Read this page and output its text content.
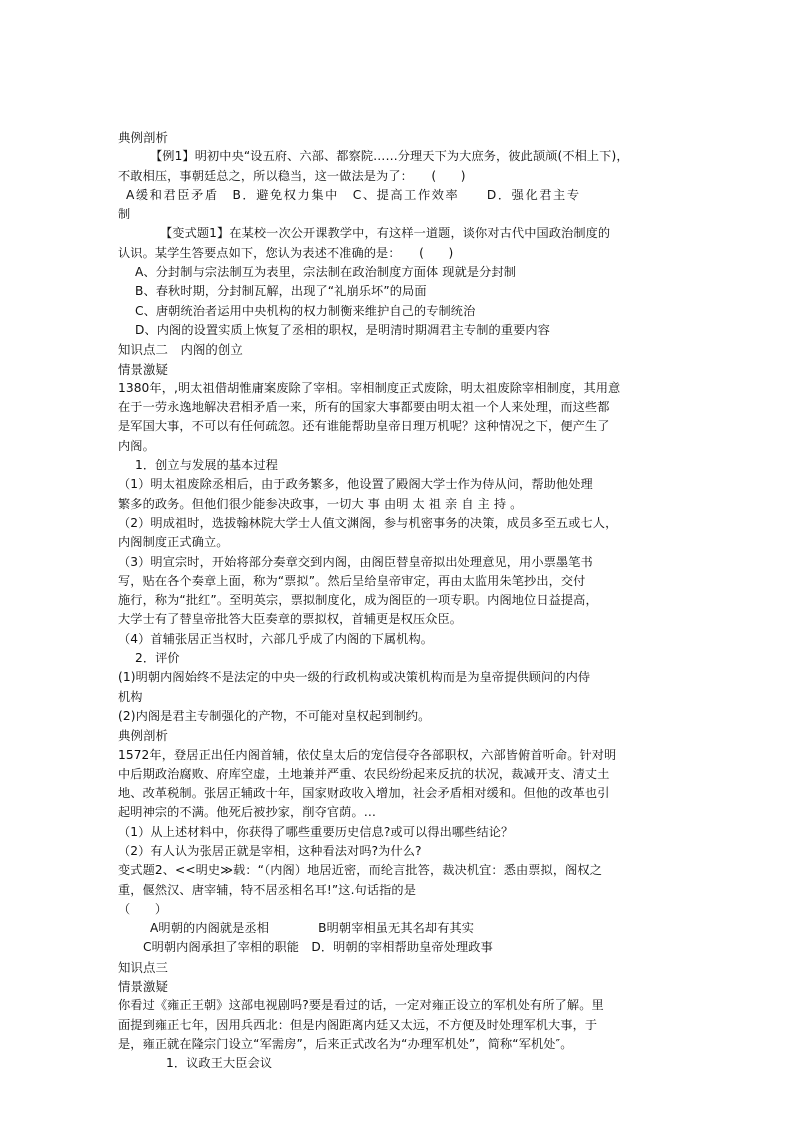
典例剖析
【例1】明初中央“设五府、六部、都察院……分理天下为大庶务，彼此颉颃(不相上下)，
不敢相压，事朝廷总之，所以稳当，这一做法是为了：　　(　　)
A缓和君臣矛盾　B．避免权力集中　C、提高工作效率　　D．强化君主专
制
【变式题1】在某校一次公开课教学中，有这样一道题，谈你对古代中国政治制度的
认识。某学生答要点如下，您认为表述不准确的是：　　(　　)
A、分封制与宗法制互为表里，宗法制在政治制度方面体 现就是分封制
B、春秋时期，分封制瓦解，出现了“礼崩乐坏”的局面
C、唐朝统治者运用中央机构的权力制衡来维护自己的专制统治
D、内阁的设置实质上恢复了丞相的职权，是明清时期凋君主专制的重要内容
知识点二　内阁的创立
情景激疑
1380年，,明太祖借胡惟庸案废除了宰相。宰相制度正式废除，明太祖废除宰相制度，其用意
在于一劳永逸地解决君相矛盾一来，所有的国家大事都要由明太祖一个人来处理，而这些都
是军国大事，不可以有任何疏忽。还有谁能帮助皇帝日理万机呢？这种情况之下，便产生了
内阁。
1．创立与发展的基本过程
（1）明太祖废除丞相后，由于政务繁多，他设置了殿阁大学士作为侍从问，帮助他处理
繁多的政务。但他们很少能参决政事，一切大 事 由明 太 祖 亲 自 主 持 。
（2）明成祖时，选拔翰林院大学士人值文渊阁，参与机密事务的决策，成员多至五或七人，
内阁制度正式确立。
（3）明宣宗时，开始将部分奏章交到内阁，由阁臣替皇帝拟出处理意见，用小票墨笔书
写，贴在各个奏章上面，称为“票拟”。然后呈给皇帝审定，再由太监用朱笔抄出，交付
施行，称为“批红”。至明英宗，票拟制度化，成为阁臣的一项专职。内阁地位日益提高，
大学士有了替皇帝批答大臣奏章的票拟权，首辅更是权压众臣。
（4）首辅张居正当权时，六部几乎成了内阁的下属机构。
2．评价
(1)明朝内阁始终不是法定的中央一级的行政机构或决策机构而是为皇帝提供顾问的内侍
机构
(2)内阁是君主专制强化的产物，不可能对皇权起到制约。
典例剖析
1572年，登居正出任内阁首辅，依仗皇太后的宠信侵夺各部职权，六部皆俯首听命。针对明
中后期政治腐败、府库空虚，土地兼并严重、农民纷纷起来反抗的状况，裁减开支、清丈土
地、改革税制。张居正辅政十年，国家财政收入增加，社会矛盾相对缓和。但他的改革也引
起明神宗的不满。他死后被抄家，削夺官荫。…
（1）从上述材料中，你获得了哪些重要历史信息?或可以得出哪些结论？
（2）有人认为张居正就是宰相，这种看法对吗?为什么?
变式题2、<<明史≫载：“（内阁）地居近密，而纶言批答，裁决机宜：悉由票拟，阁权之
重，偃然汉、唐宰辅，特不居丞相名耳!”这.句话指的是
（　　）
A明朝的内阁就是丞相　　　　B明朝宰相虽无其名却有其实
C明朝内阁承担了宰相的职能　D．明朝的宰相帮助皇帝处理政事
知识点三
情景激疑
你看过《雍正王朝》这部电视剧吗?要是看过的话，一定对雍正设立的军机处有所了解。里
面提到雍正七年，因用兵西北：但是内阁距离内廷又太远，不方便及时处理军机大事，于
是，雍正就在隆宗门设立“军需房”，后来正式改名为“办理军机处”，简称“军机处″。
1．议政王大臣会议
